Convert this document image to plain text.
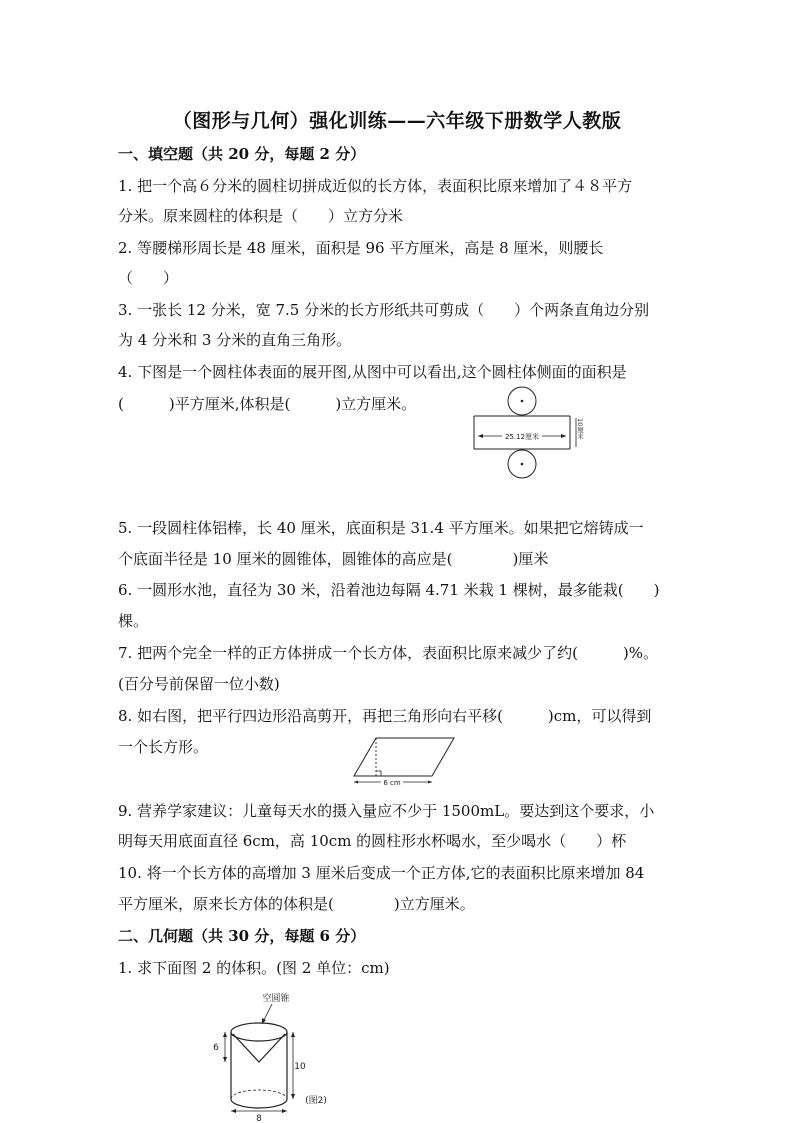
（图形与几何）强化训练——六年级下册数学人教版
一、填空题（共 20 分，每题 2 分）
1. 把一个高６分米的圆柱切拼成近似的长方体，表面积比原来增加了４８平方
分米。原来圆柱的体积是（　　）立方分米
2. 等腰梯形周长是 48 厘米，面积是 96 平方厘米，高是 8 厘米，则腰长
（　　）
3. 一张长 12 分米，宽 7.5 分米的长方形纸共可剪成（　　）个两条直角边分别
为 4 分米和 3 分米的直角三角形。
4. 下图是一个圆柱体表面的展开图,从图中可以看出,这个圆柱体侧面的面积是
(　　　)平方厘米,体积是(　　　)立方厘米。
25.12厘米	10厘米
5. 一段圆柱体铝棒，长 40 厘米，底面积是 31.4 平方厘米。如果把它熔铸成一
个底面半径是 10 厘米的圆锥体，圆锥体的高应是(　　　　)厘米
6. 一圆形水池，直径为 30 米，沿着池边每隔 4.71 米栽 1 棵树，最多能栽(　　)
棵。
7. 把两个完全一样的正方体拼成一个长方体，表面积比原来减少了约(　　　)%。
(百分号前保留一位小数)
8. 如右图，把平行四边形沿高剪开，再把三角形向右平移(　　　)cm，可以得到
一个长方形。
6 cm
9. 营养学家建议：儿童每天水的摄入量应不少于 1500mL。要达到这个要求，小
明每天用底面直径 6cm，高 10cm 的圆柱形水杯喝水，至少喝水（　　）杯
10. 将一个长方体的高增加 3 厘米后变成一个正方体,它的表面积比原来增加 84
平方厘米，原来长方体的体积是(　　　　)立方厘米。
二、几何题（共 30 分，每题 6 分）
1. 求下面图 2 的体积。(图 2 单位：cm)
空圆锥
6
10
8
(图2)
